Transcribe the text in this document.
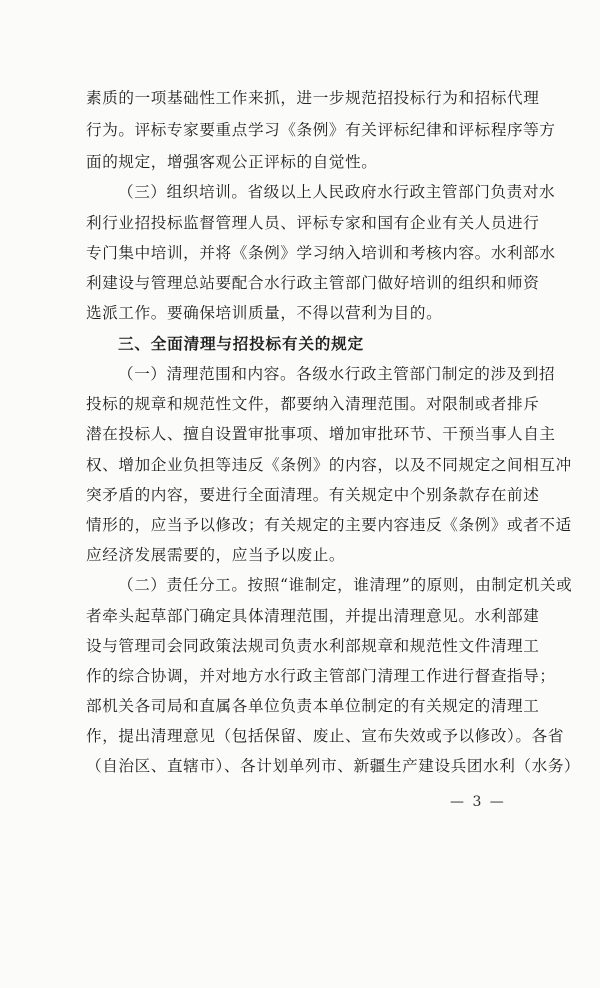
素质的一项基础性工作来抓，进一步规范招投标行为和招标代理
行为。评标专家要重点学习《条例》有关评标纪律和评标程序等方
面的规定，增强客观公正评标的自觉性。
（三）组织培训。省级以上人民政府水行政主管部门负责对水
利行业招投标监督管理人员、评标专家和国有企业有关人员进行
专门集中培训，并将《条例》学习纳入培训和考核内容。水利部水
利建设与管理总站要配合水行政主管部门做好培训的组织和师资
选派工作。要确保培训质量，不得以营利为目的。
三、全面清理与招投标有关的规定
（一）清理范围和内容。各级水行政主管部门制定的涉及到招
投标的规章和规范性文件，都要纳入清理范围。对限制或者排斥
潜在投标人、擅自设置审批事项、增加审批环节、干预当事人自主
权、增加企业负担等违反《条例》的内容，以及不同规定之间相互冲
突矛盾的内容，要进行全面清理。有关规定中个别条款存在前述
情形的，应当予以修改；有关规定的主要内容违反《条例》或者不适
应经济发展需要的，应当予以废止。
（二）责任分工。按照“谁制定，谁清理”的原则，由制定机关或
者牵头起草部门确定具体清理范围，并提出清理意见。水利部建
设与管理司会同政策法规司负责水利部规章和规范性文件清理工
作的综合协调，并对地方水行政主管部门清理工作进行督查指导；
部机关各司局和直属各单位负责本单位制定的有关规定的清理工
作，提出清理意见（包括保留、废止、宣布失效或予以修改）。各省
（自治区、直辖市）、各计划单列市、新疆生产建设兵团水利（水务）
— 3 —
